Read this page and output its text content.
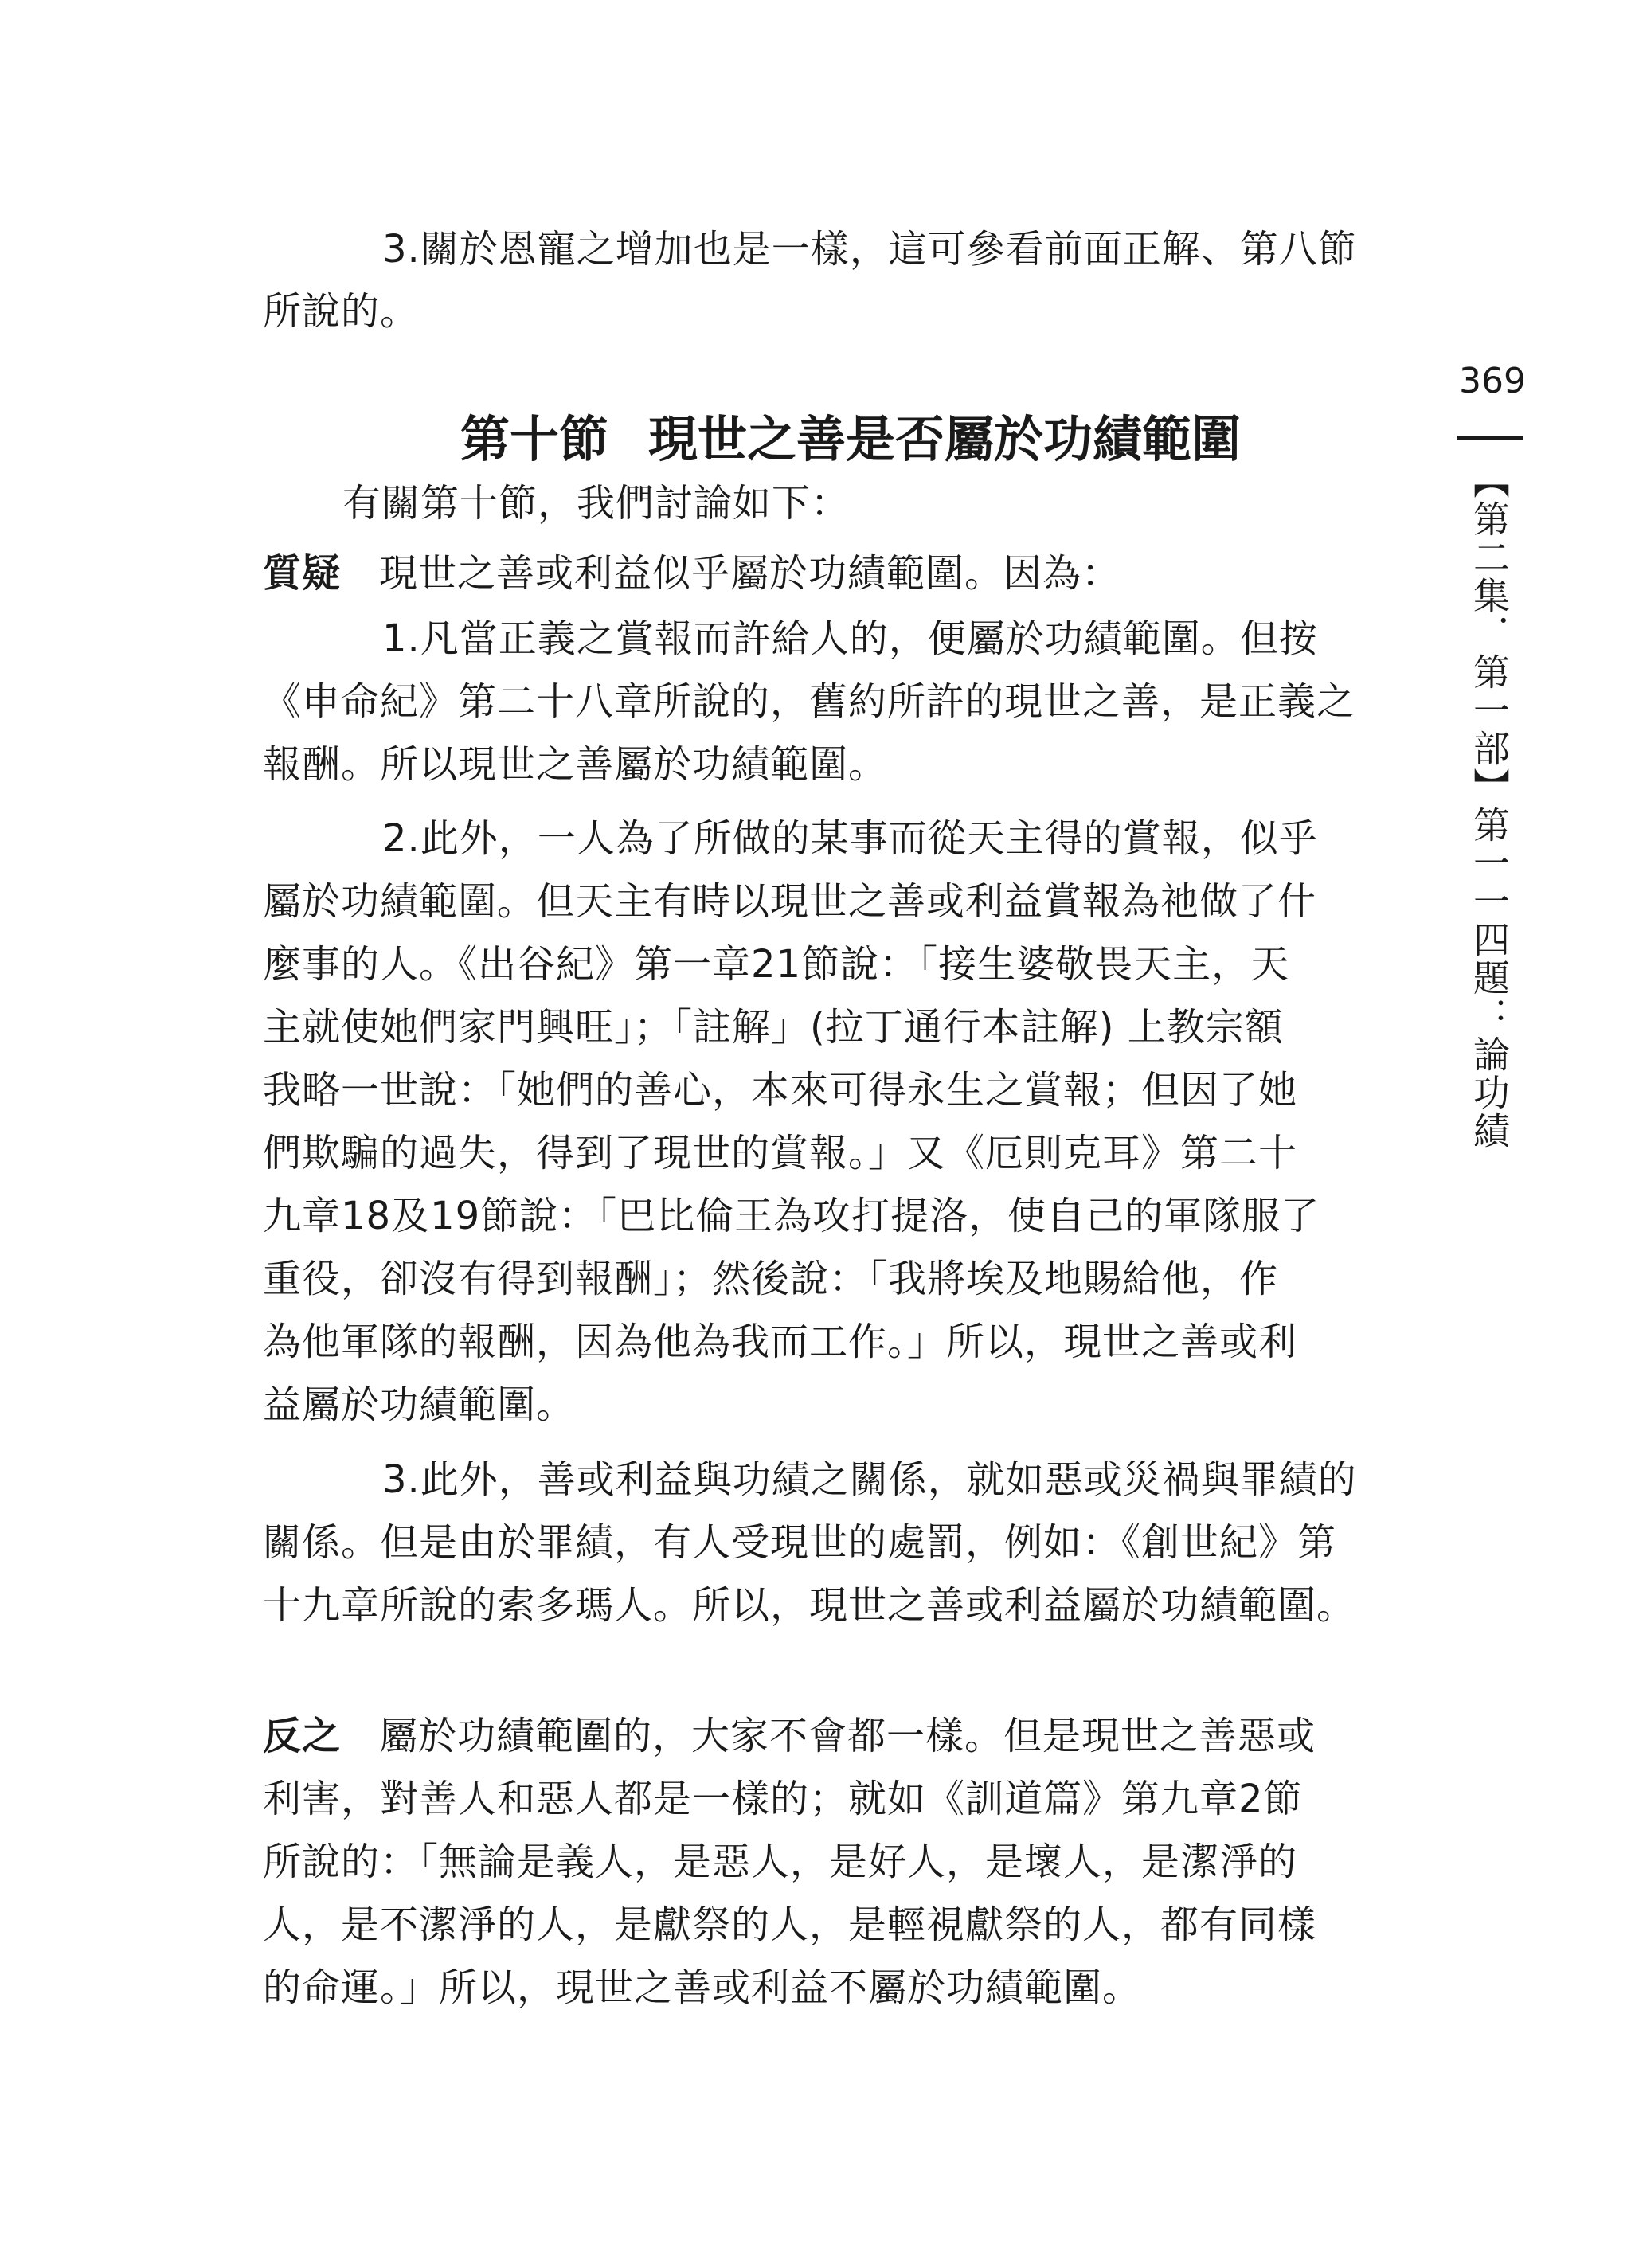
3.關於恩寵之增加也是一樣，這可參看前面正解、第八節
所說的。
369
【第二集．第一部】第一一四題：論功績
第十節 現世之善是否屬於功績範圍
有關第十節，我們討論如下：
質疑 現世之善或利益似乎屬於功績範圍。因為：
1.凡當正義之賞報而許給人的，便屬於功績範圍。但按
《申命紀》第二十八章所說的，舊約所許的現世之善，是正義之
報酬。所以現世之善屬於功績範圍。
2.此外，一人為了所做的某事而從天主得的賞報，似乎
屬於功績範圍。但天主有時以現世之善或利益賞報為祂做了什
麼事的人。《出谷紀》第一章21節說：「接生婆敬畏天主，天
主就使她們家門興旺」；「註解」(拉丁通行本註解) 上教宗額
我略一世說：「她們的善心，本來可得永生之賞報；但因了她
們欺騙的過失，得到了現世的賞報。」又《厄則克耳》第二十
九章18及19節說：「巴比倫王為攻打提洛，使自己的軍隊服了
重役，卻沒有得到報酬」；然後說：「我將埃及地賜給他，作
為他軍隊的報酬，因為他為我而工作。」所以，現世之善或利
益屬於功績範圍。
3.此外，善或利益與功績之關係，就如惡或災禍與罪績的
關係。但是由於罪績，有人受現世的處罰，例如：《創世紀》第
十九章所說的索多瑪人。所以，現世之善或利益屬於功績範圍。
反之 屬於功績範圍的，大家不會都一樣。但是現世之善惡或
利害，對善人和惡人都是一樣的；就如《訓道篇》第九章2節
所說的：「無論是義人，是惡人，是好人，是壞人，是潔淨的
人，是不潔淨的人，是獻祭的人，是輕視獻祭的人，都有同樣
的命運。」所以，現世之善或利益不屬於功績範圍。
